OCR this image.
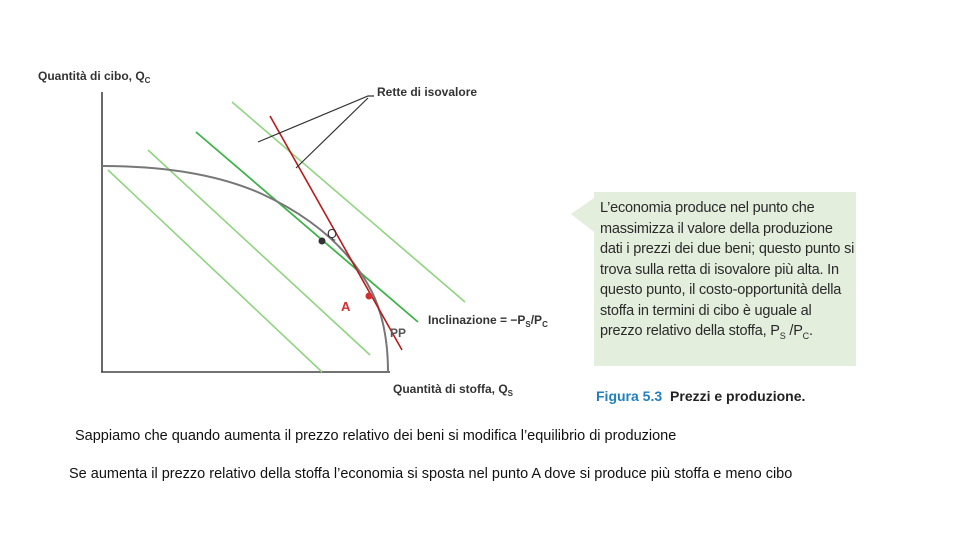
Quantità di cibo, $Q_C$
Quantità di stoffa, $Q_S$
Rette di isovalore
Inclinazione = $-P_S/P_C$
Q
A
PP
L’economia produce nel punto che massimizza il valore della produzione dati i prezzi dei due beni; questo punto si trova sulla retta di isovalore più alta. In questo punto, il costo-opportunità della stoffa in termini di cibo è uguale al prezzo relativo della stoffa, $P_S$ $/P_C$.
Figura 5.3 Prezzi e produzione.
Sappiamo che quando aumenta il prezzo relativo dei beni si modifica l’equilibrio di produzione
Se aumenta il prezzo relativo della stoffa l’economia si sposta nel punto A dove si produce più stoffa e meno cibo
